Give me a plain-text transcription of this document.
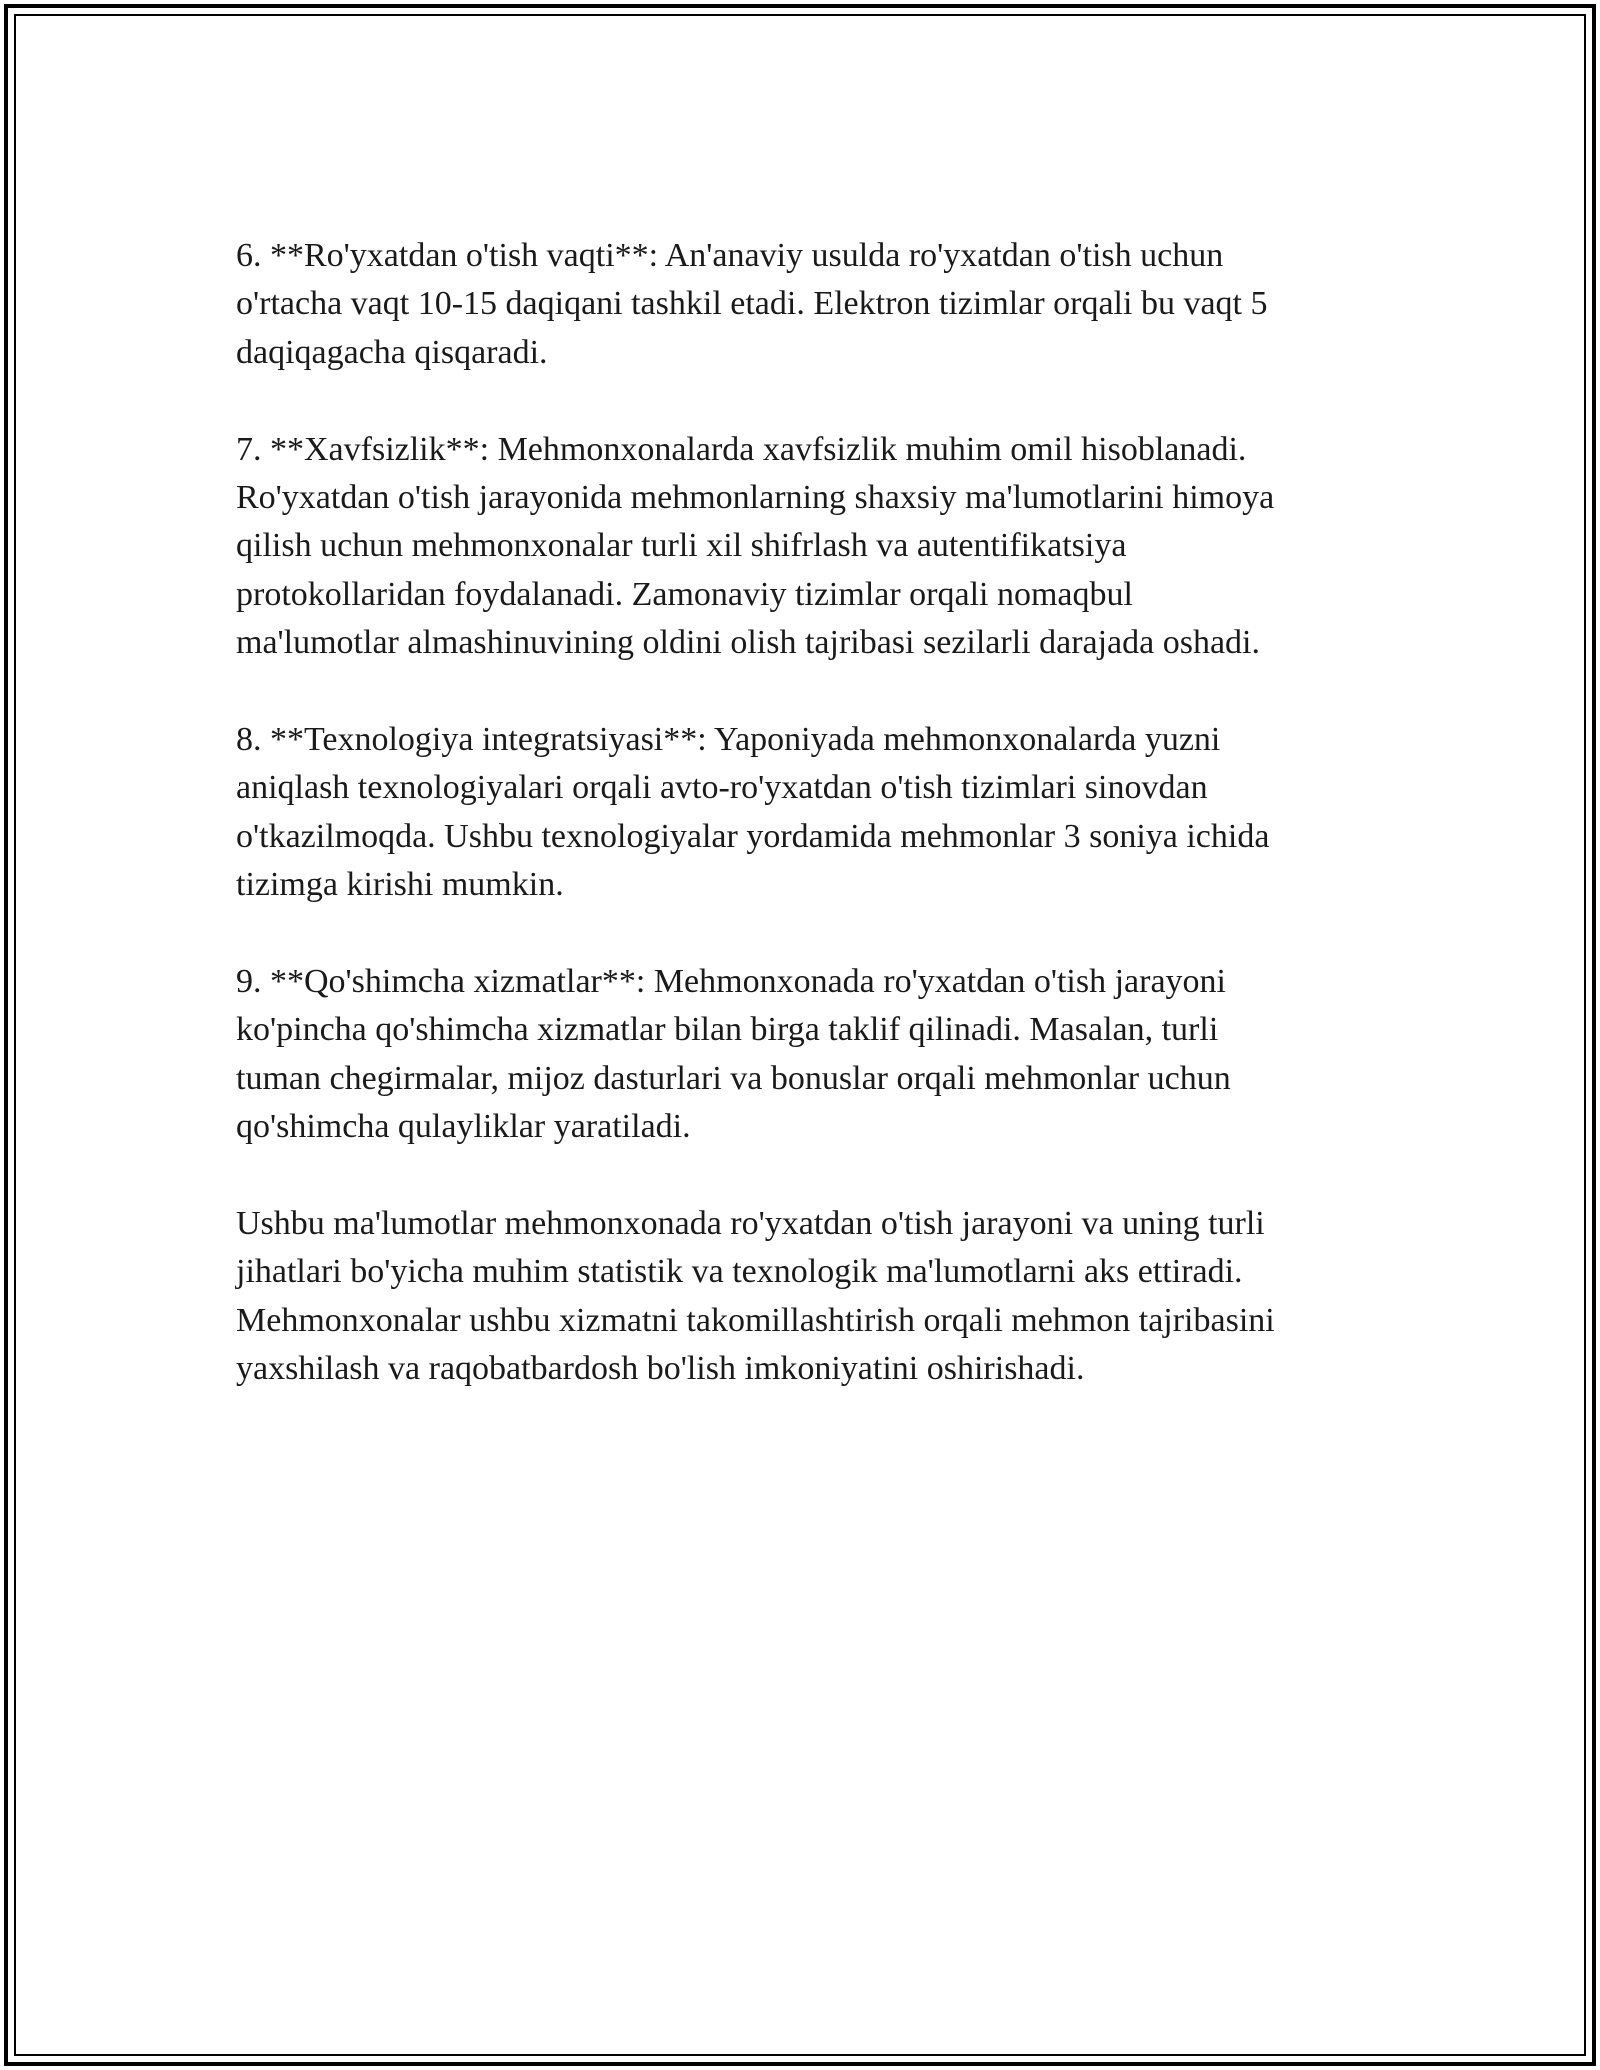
6. **Ro'yxatdan o'tish vaqti**: An'anaviy usulda ro'yxatdan o'tish uchun
o'rtacha vaqt 10-15 daqiqani tashkil etadi. Elektron tizimlar orqali bu vaqt 5
daqiqagacha qisqaradi.

7. **Xavfsizlik**: Mehmonxonalarda xavfsizlik muhim omil hisoblanadi.
Ro'yxatdan o'tish jarayonida mehmonlarning shaxsiy ma'lumotlarini himoya
qilish uchun mehmonxonalar turli xil shifrlash va autentifikatsiya
protokollaridan foydalanadi. Zamonaviy tizimlar orqali nomaqbul
ma'lumotlar almashinuvining oldini olish tajribasi sezilarli darajada oshadi.

8. **Texnologiya integratsiyasi**: Yaponiyada mehmonxonalarda yuzni
aniqlash texnologiyalari orqali avto-ro'yxatdan o'tish tizimlari sinovdan
o'tkazilmoqda. Ushbu texnologiyalar yordamida mehmonlar 3 soniya ichida
tizimga kirishi mumkin.

9. **Qo'shimcha xizmatlar**: Mehmonxonada ro'yxatdan o'tish jarayoni
ko'pincha qo'shimcha xizmatlar bilan birga taklif qilinadi. Masalan, turli
tuman chegirmalar, mijoz dasturlari va bonuslar orqali mehmonlar uchun
qo'shimcha qulayliklar yaratiladi.

Ushbu ma'lumotlar mehmonxonada ro'yxatdan o'tish jarayoni va uning turli
jihatlari bo'yicha muhim statistik va texnologik ma'lumotlarni aks ettiradi.
Mehmonxonalar ushbu xizmatni takomillashtirish orqali mehmon tajribasini
yaxshilash va raqobatbardosh bo'lish imkoniyatini oshirishadi.
